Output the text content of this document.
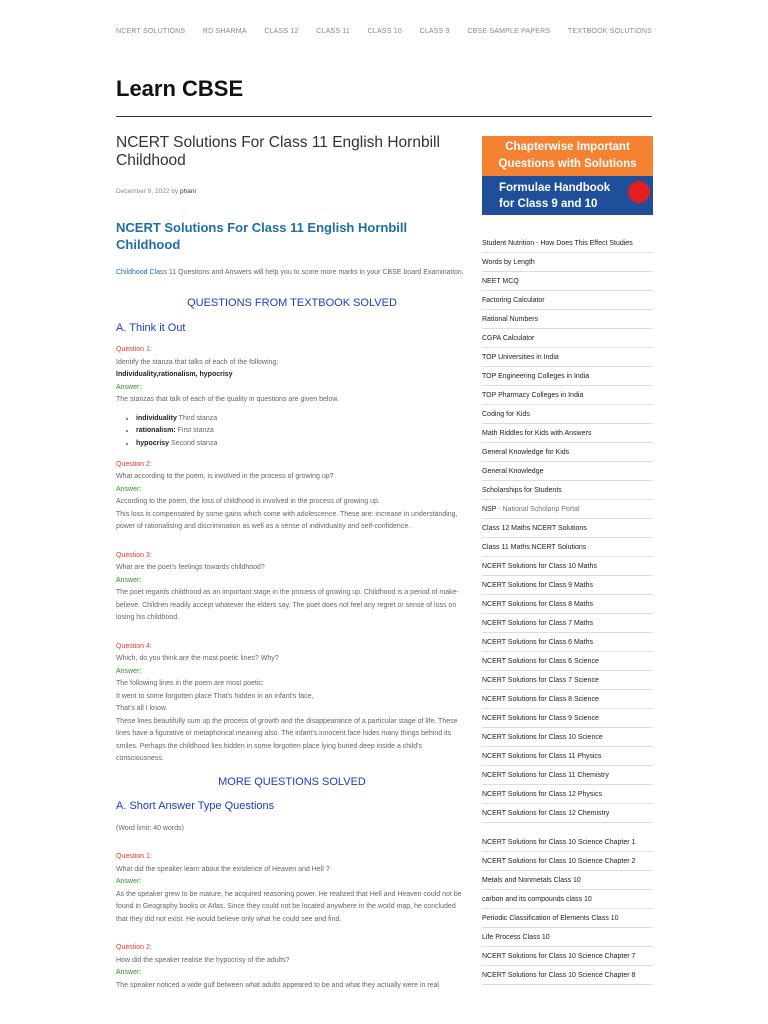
NCERT SOLUTIONS	RD SHARMA	CLASS 12	CLASS 11	CLASS 10	CLASS 9	CBSE SAMPLE PAPERS	TEXTBOOK SOLUTIONS
Learn CBSE
NCERT Solutions For Class 11 English Hornbill Childhood
December 9, 2022 by phani
NCERT Solutions For Class 11 English Hornbill Childhood
Childhood Class 11 Questions and Answers will help you to score more marks in your CBSE board Examination.
QUESTIONS FROM TEXTBOOK SOLVED
A. Think it Out
Question 1:
Identify the stanza that talks of each of the following:
Individuality,rationalism, hypocrisy
Answer:
The stanzas that talk of each of the quality in questions are given below.
• individuality Third stanza
• rationalism: First stanza
• hypocrisy Second stanza
Question 2:
What according to the poem, is involved in the process of growing up?
Answer:
According to the poem, the loss of childhood is involved in the process of growing up.
This loss is compensated by some gains which come with adolescence. These are: increase in understanding, power of rationalising and discrimination as well as a sense of individuality and self-confidence.
Question 3:
What are the poet's feelings towards childhood?
Answer:
The poet regards childhood as an important stage in the process of growing up. Childhood is a period of make-believe. Children readily accept whatever the elders say. The poet does not feel any regret or sense of loss on losing his childhood.
Question 4:
Which, do you think are the most poetic lines? Why?
Answer:
The following lines in the poem are most poetic:
It went to some forgotten place That's hidden in an infant's face,
That's all I know.
These lines beautifully sum up the process of growth and the disappearance of a particular stage of life. These lines have a figurative or metaphorical meaning also. The infant's innocent face hides many things behind its smiles. Perhaps the childhood lies hidden in some forgotten place lying buried deep inside a child's consciousness.
MORE QUESTIONS SOLVED
A. Short Answer Type Questions
(Word limit: 40 words)
Question 1:
What did the speaker learn about the existence of Heaven and Hell ?
Answer:
As the speaker grew to be mature, he acquired reasoning power. He realized that Hell and Heaven could not be found in Geography books or Atlas. Since they could not be located anywhere in the world map, he concluded that they did not exist. He would believe only what he could see and find.
Question 2:
How did the speaker realise the hypocrisy of the adults?
Answer:
The speaker noticed a wide gulf between what adults appeared to be and what they actually were in real
Chapterwise Important Questions with Solutions
Formulae Handbook for Class 9 and 10
Student Nutrition - How Does This Effect Studies
Words by Length
NEET MCQ
Factoring Calculator
Rational Numbers
CGPA Calculator
TOP Universities in India
TOP Engineering Colleges in India
TOP Pharmacy Colleges in India
Coding for Kids
Math Riddles for Kids with Answers
General Knowledge for Kids
General Knowledge
Scholarships for Students
NSP - National Scholarip Portal
Class 12 Maths NCERT Solutions
Class 11 Maths NCERT Solutions
NCERT Solutions for Class 10 Maths
NCERT Solutions for Class 9 Maths
NCERT Solutions for Class 8 Maths
NCERT Solutions for Class 7 Maths
NCERT Solutions for Class 6 Maths
NCERT Solutions for Class 6 Science
NCERT Solutions for Class 7 Science
NCERT Solutions for Class 8 Science
NCERT Solutions for Class 9 Science
NCERT Solutions for Class 10 Science
NCERT Solutions for Class 11 Physics
NCERT Solutions for Class 11 Chemistry
NCERT Solutions for Class 12 Physics
NCERT Solutions for Class 12 Chemistry
NCERT Solutions for Class 10 Science Chapter 1
NCERT Solutions for Class 10 Science Chapter 2
Metals and Nonmetals Class 10
carbon and its compounds class 10
Periodic Classification of Elements Class 10
Life Process Class 10
NCERT Solutions for Class 10 Science Chapter 7
NCERT Solutions for Class 10 Science Chapter 8
